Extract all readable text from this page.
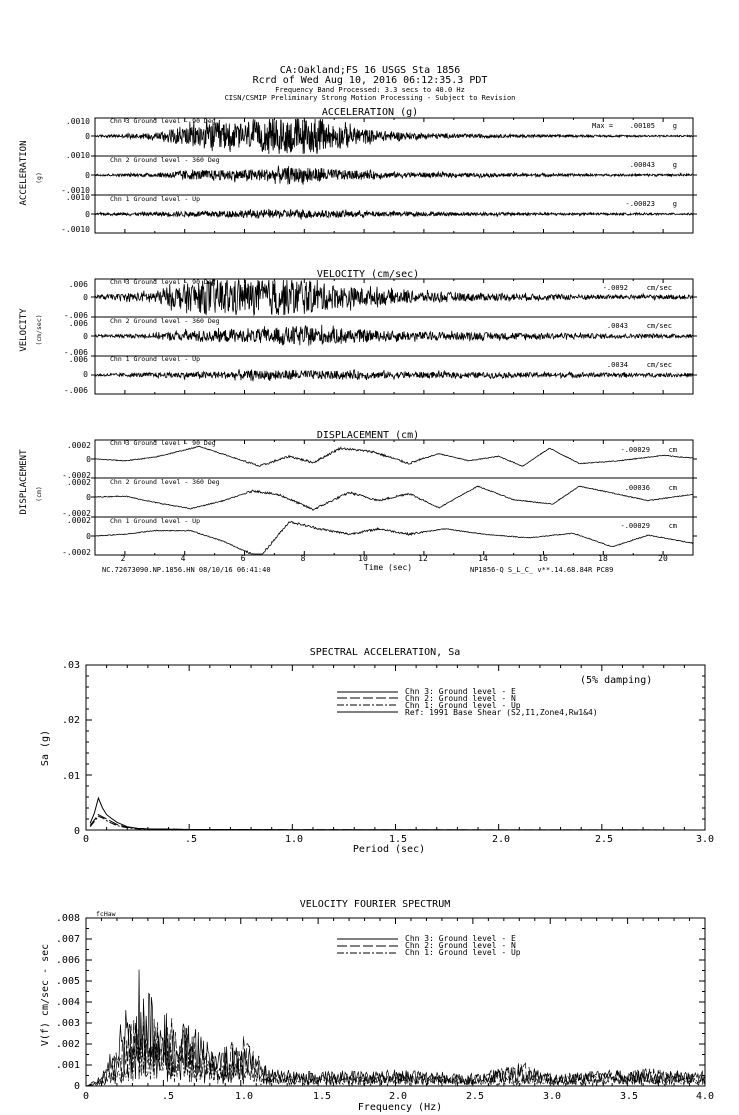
CA:Oakland;FS 16 USGS Sta 1856
Rcrd of Wed Aug 10, 2016 06:12:35.3 PDT
Frequency Band Processed: 3.3 secs to 40.0 Hz
CISN/CSMIP Preliminary Strong Motion Processing - Subject to Revision
ACCELERATION (g)
ACCELERATION (g)
Chn 3 Ground level - 90 Deg
Chn 2 Ground level - 360 Deg
Chn 1 Ground level - Up
Max = .00105	g
.00043	g
-.00023	g
.0010
0
.0010
0
-.0010
.0010
0
-.0010
VELOCITY (cm/sec)
VELOCITY (cm/sec)
Chn 3 Ground level - 90 Deg
Chn 2 Ground level - 360 Deg
Chn 1 Ground level - Up
-.0092	cm/sec
.0043	cm/sec
.0034	cm/sec
.006
0
-.006
.006
0
-.006
.006
0
-.006
DISPLACEMENT (cm)
DISPLACEMENT (cm)
Chn 3 Ground level - 90 Deg
Chn 2 Ground level - 360 Deg
Chn 1 Ground level - Up
-.00029	cm
.00036	cm
-.00029	cm
.0002
0
-.0002
.0002
0
-.0002
.0002
0
-.0002
2	4	6	8	10	12	14	16	18	20
Time (sec)
NC.72673090.NP.1856.HN 08/10/16 06:41:40	NP1856-Q S_L_C_ v**.14.68.84R PC89
SPECTRAL ACCELERATION, Sa
Sa (g)
Period (sec)
(5% damping)
0
.01
.02
.03
0	.5	1.0	1.5	2.0	2.5	3.0
Chn 3: Ground level - E
Chn 2: Ground level - N
Chn 1: Ground level - Up
Ref: 1991 Base Shear (S2,I1,Zone4,Rw1&4)
VELOCITY FOURIER SPECTRUM
V(f) cm/sec - sec
Frequency (Hz)
fcHaw
0
.001
.002
.003
.004
.005
.006
.007
.008
0	.5	1.0	1.5	2.0	2.5	3.0	3.5	4.0
Chn 3: Ground level - E
Chn 2: Ground level - N
Chn 1: Ground level - Up
